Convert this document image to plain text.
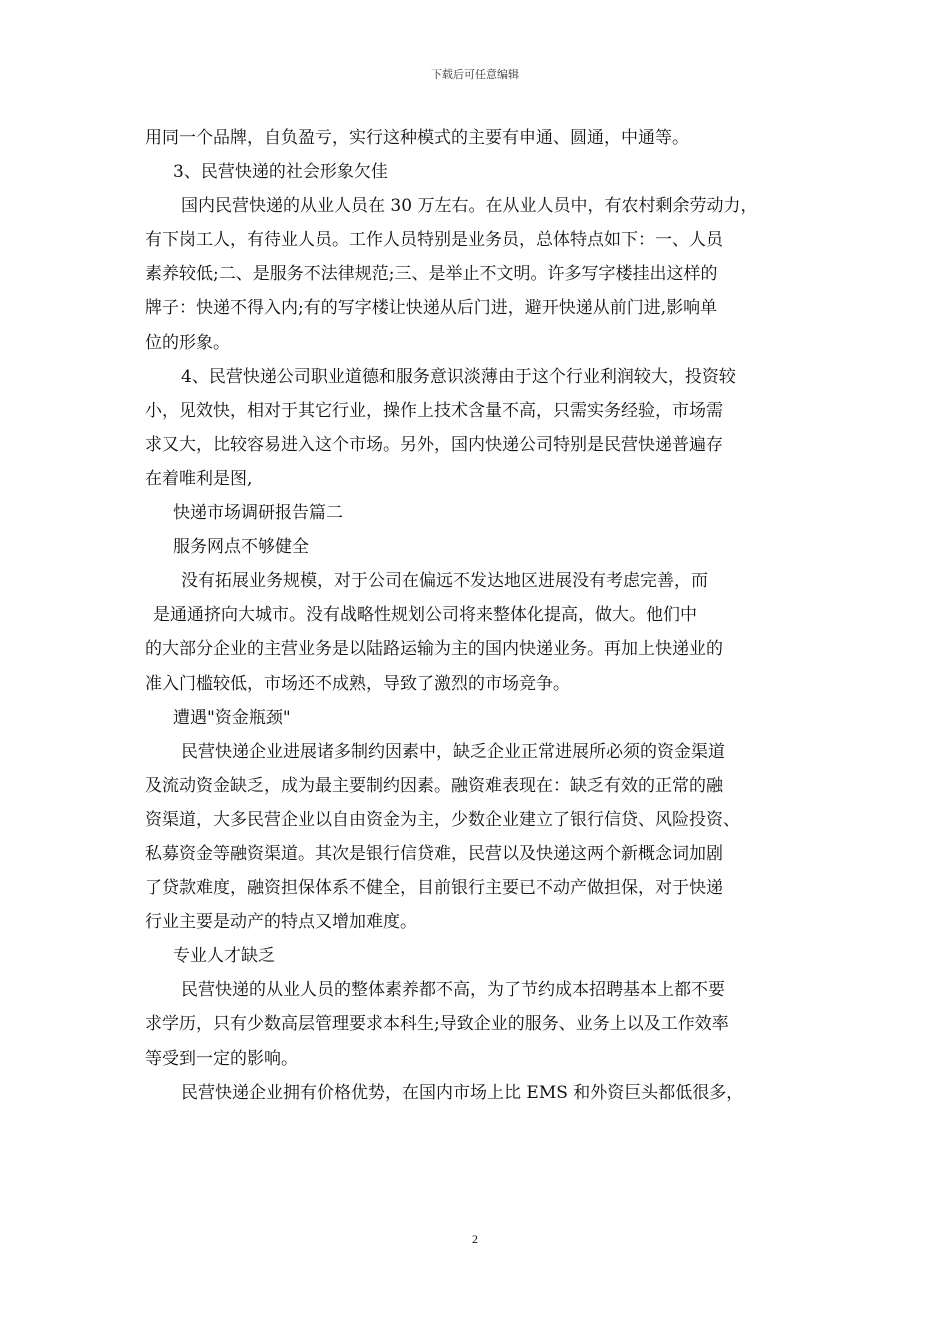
下载后可任意编辑
用同一个品牌，自负盈亏，实行这种模式的主要有申通、圆通，中通等。
3、民营快递的社会形象欠佳
国内民营快递的从业人员在 30 万左右。在从业人员中，有农村剩余劳动力，
有下岗工人，有待业人员。工作人员特别是业务员，总体特点如下：一、人员
素养较低;二、是服务不法律规范;三、是举止不文明。许多写字楼挂出这样的
牌子：快递不得入内;有的写字楼让快递从后门进，避开快递从前门进,影响单
位的形象。
4、民营快递公司职业道德和服务意识淡薄由于这个行业利润较大，投资较
小，见效快，相对于其它行业，操作上技术含量不高，只需实务经验，市场需
求又大，比较容易进入这个市场。另外，国内快递公司特别是民营快递普遍存
在着唯利是图,
快递市场调研报告篇二
服务网点不够健全
没有拓展业务规模，对于公司在偏远不发达地区进展没有考虑完善，而
是通通挤向大城市。没有战略性规划公司将来整体化提高，做大。他们中
的大部分企业的主营业务是以陆路运输为主的国内快递业务。再加上快递业的
准入门槛较低，市场还不成熟，导致了激烈的市场竞争。
遭遇"资金瓶颈"
民营快递企业进展诸多制约因素中，缺乏企业正常进展所必须的资金渠道
及流动资金缺乏，成为最主要制约因素。融资难表现在：缺乏有效的正常的融
资渠道，大多民营企业以自由资金为主，少数企业建立了银行信贷、风险投资、
私募资金等融资渠道。其次是银行信贷难，民营以及快递这两个新概念词加剧
了贷款难度，融资担保体系不健全，目前银行主要已不动产做担保，对于快递
行业主要是动产的特点又增加难度。
专业人才缺乏
民营快递的从业人员的整体素养都不高，为了节约成本招聘基本上都不要
求学历，只有少数高层管理要求本科生;导致企业的服务、业务上以及工作效率
等受到一定的影响。
民营快递企业拥有价格优势，在国内市场上比 EMS 和外资巨头都低很多，
2
